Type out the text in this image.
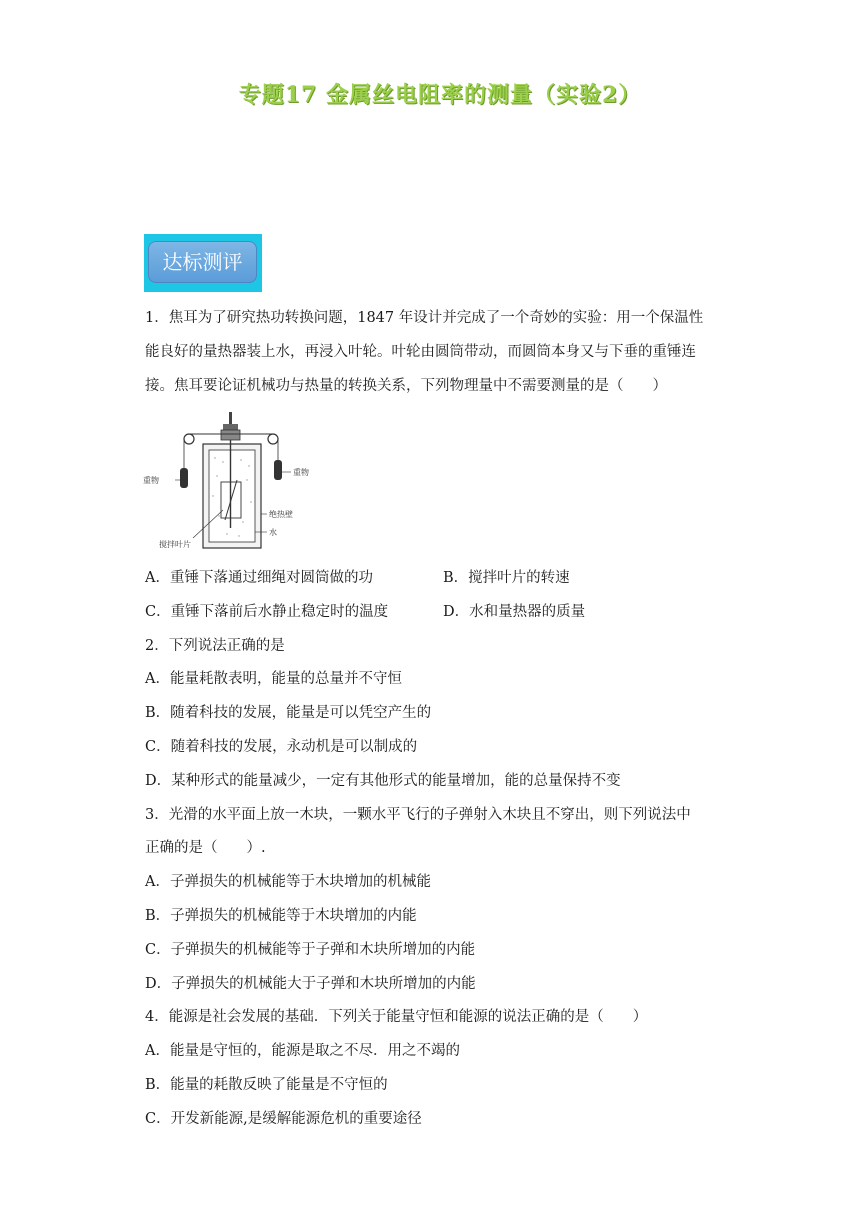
专题17 金属丝电阻率的测量（实验2）
达标测评
1．焦耳为了研究热功转换问题，1847 年设计并完成了一个奇妙的实验：用一个保温性
能良好的量热器装上水，再浸入叶轮。叶轮由圆筒带动，而圆筒本身又与下垂的重锤连
接。焦耳要论证机械功与热量的转换关系，下列物理量中不需要测量的是（　　）
重物
重物
绝热壁
水
搅拌叶片
A．重锤下落通过细绳对圆筒做的功	B．搅拌叶片的转速
C．重锤下落前后水静止稳定时的温度	D．水和量热器的质量
2．下列说法正确的是
A．能量耗散表明，能量的总量并不守恒
B．随着科技的发展，能量是可以凭空产生的
C．随着科技的发展，永动机是可以制成的
D．某种形式的能量减少，一定有其他形式的能量增加，能的总量保持不变
3．光滑的水平面上放一木块，一颗水平飞行的子弹射入木块且不穿出，则下列说法中
正确的是（　　）.
A．子弹损失的机械能等于木块增加的机械能
B．子弹损失的机械能等于木块增加的内能
C．子弹损失的机械能等于子弹和木块所增加的内能
D．子弹损失的机械能大于子弹和木块所增加的内能
4．能源是社会发展的基础．下列关于能量守恒和能源的说法正确的是（　　）
A．能量是守恒的，能源是取之不尽．用之不竭的
B．能量的耗散反映了能量是不守恒的
C．开发新能源,是缓解能源危机的重要途径
